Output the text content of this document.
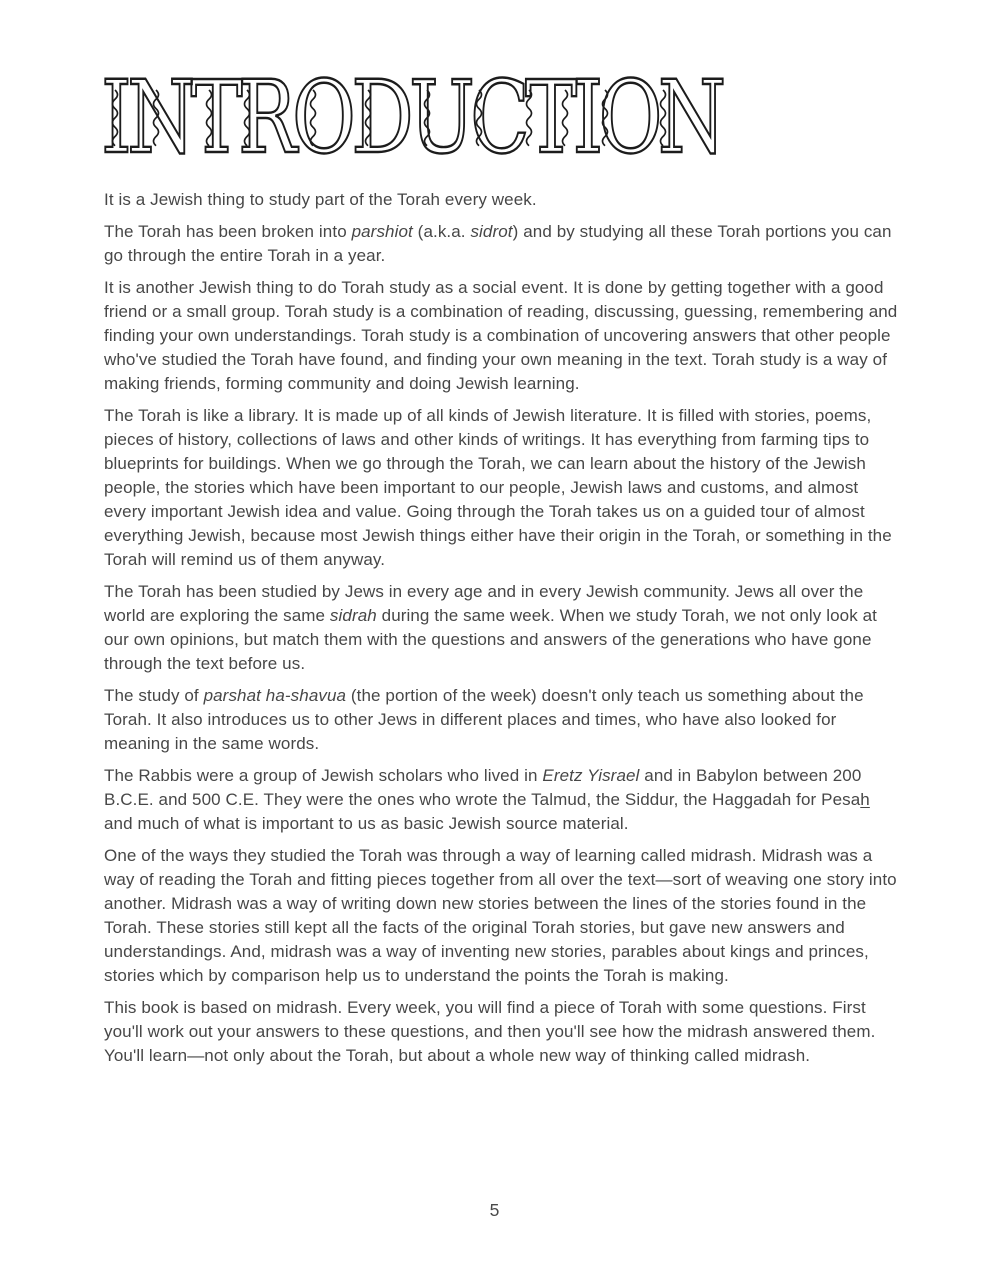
INTRODUCTION

It is a Jewish thing to study part of the Torah every week.

The Torah has been broken into parshiot (a.k.a. sidrot) and by studying all these Torah portions you can go through the entire Torah in a year.

It is another Jewish thing to do Torah study as a social event. It is done by getting together with a good friend or a small group. Torah study is a combination of reading, discussing, guessing, remembering and finding your own understandings. Torah study is a combination of uncovering answers that other people who've studied the Torah have found, and finding your own meaning in the text. Torah study is a way of making friends, forming community and doing Jewish learning.

The Torah is like a library. It is made up of all kinds of Jewish literature. It is filled with stories, poems, pieces of history, collections of laws and other kinds of writings. It has everything from farming tips to blueprints for buildings. When we go through the Torah, we can learn about the history of the Jewish people, the stories which have been important to our people, Jewish laws and customs, and almost every important Jewish idea and value. Going through the Torah takes us on a guided tour of almost everything Jewish, because most Jewish things either have their origin in the Torah, or something in the Torah will remind us of them anyway.

The Torah has been studied by Jews in every age and in every Jewish community. Jews all over the world are exploring the same sidrah during the same week. When we study Torah, we not only look at our own opinions, but match them with the questions and answers of the generations who have gone through the text before us.

The study of parshat ha-shavua (the portion of the week) doesn't only teach us something about the Torah. It also introduces us to other Jews in different places and times, who have also looked for meaning in the same words.

The Rabbis were a group of Jewish scholars who lived in Eretz Yisrael and in Babylon between 200 B.C.E. and 500 C.E. They were the ones who wrote the Talmud, the Siddur, the Haggadah for Pesah and much of what is important to us as basic Jewish source material.

One of the ways they studied the Torah was through a way of learning called midrash. Midrash was a way of reading the Torah and fitting pieces together from all over the text—sort of weaving one story into another. Midrash was a way of writing down new stories between the lines of the stories found in the Torah. These stories still kept all the facts of the original Torah stories, but gave new answers and understandings. And, midrash was a way of inventing new stories, parables about kings and princes, stories which by comparison help us to understand the points the Torah is making.

This book is based on midrash. Every week, you will find a piece of Torah with some questions. First you'll work out your answers to these questions, and then you'll see how the midrash answered them. You'll learn—not only about the Torah, but about a whole new way of thinking called midrash.

5
